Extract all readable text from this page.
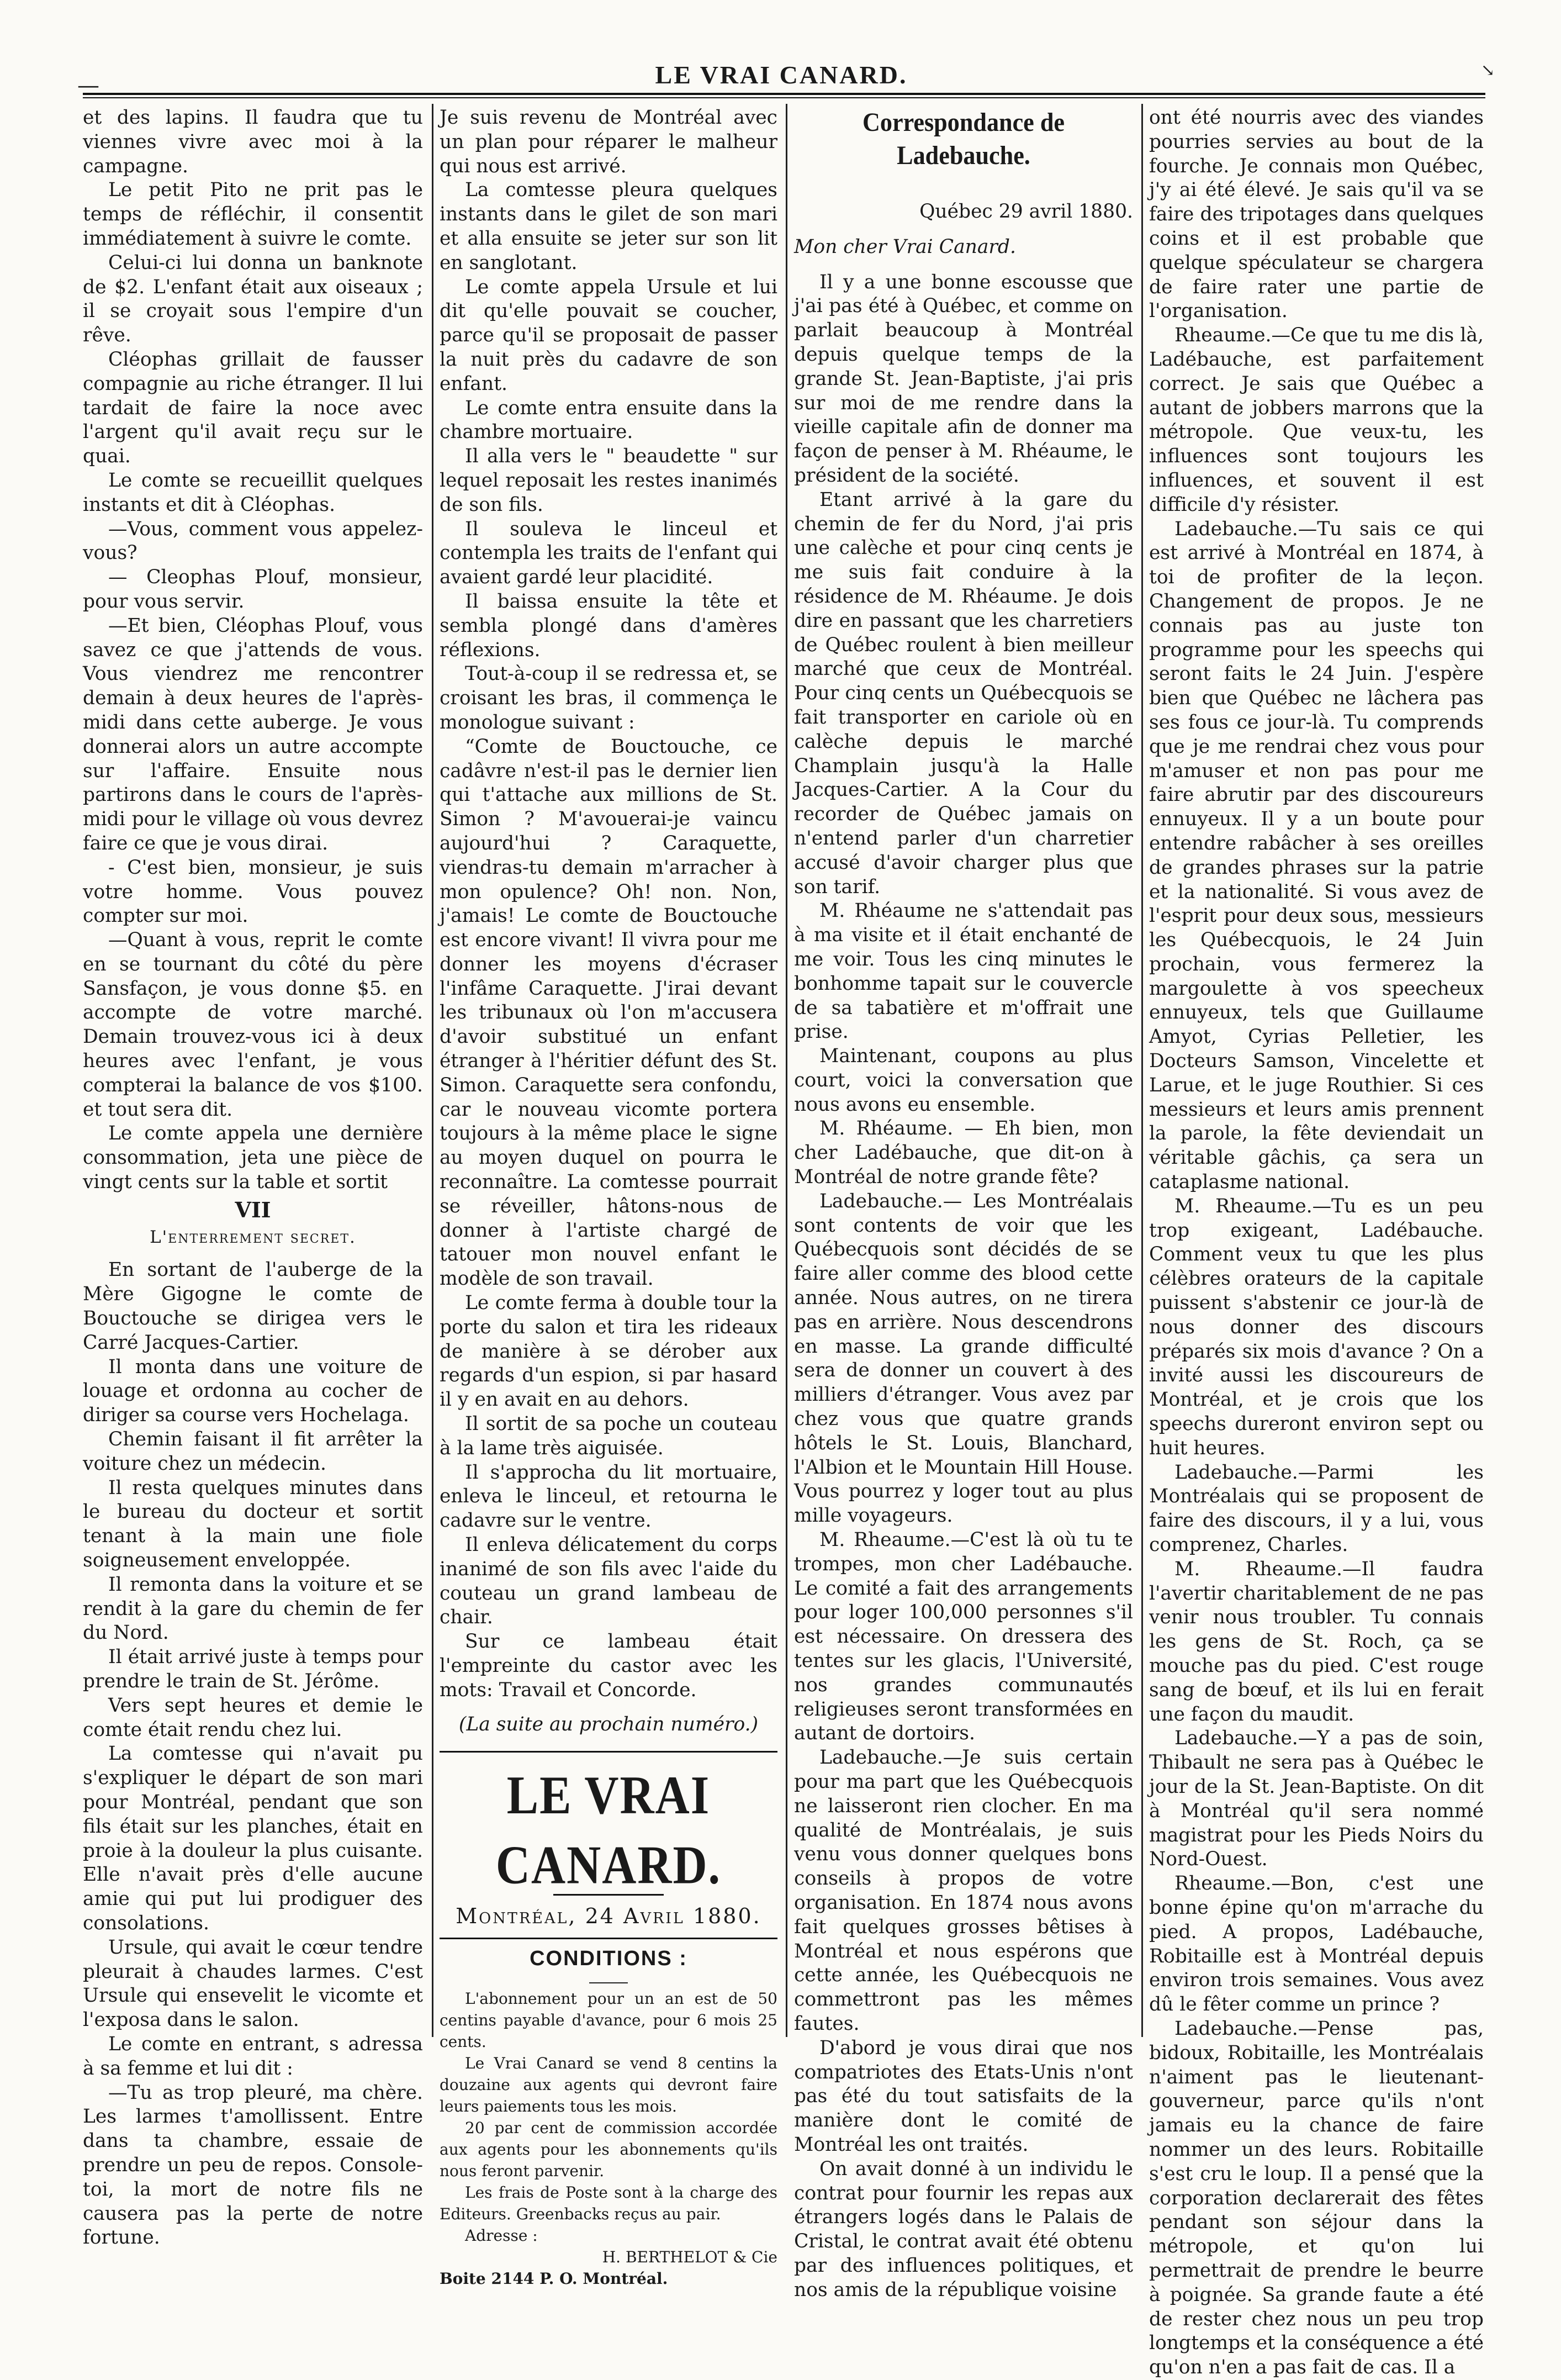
—	LE VRAI CANARD.	↘

et des lapins. Il faudra que tu viennes vivre avec moi à la campagne.

Le petit Pito ne prit pas le temps de réfléchir, il consentit immédiatement à suivre le comte.

Celui-ci lui donna un banknote de $2. L'enfant était aux oiseaux ; il se croyait sous l'empire d'un rêve.

Cléophas grillait de fausser compagnie au riche étranger. Il lui tardait de faire la noce avec l'argent qu'il avait reçu sur le quai.

Le comte se recueillit quelques instants et dit à Cléophas.

—Vous, comment vous appelez-vous?

— Cleophas Plouf, monsieur, pour vous servir.

—Et bien, Cléophas Plouf, vous savez ce que j'attends de vous. Vous viendrez me rencontrer demain à deux heures de l'après-midi dans cette auberge. Je vous donnerai alors un autre accompte sur l'affaire. Ensuite nous partirons dans le cours de l'après-midi pour le village où vous devrez faire ce que je vous dirai.

- C'est bien, monsieur, je suis votre homme. Vous pouvez compter sur moi.

—Quant à vous, reprit le comte en se tournant du côté du père Sansfaçon, je vous donne $5. en accompte de votre marché. Demain trouvez-vous ici à deux heures avec l'enfant, je vous compterai la balance de vos $100. et tout sera dit.

Le comte appela une dernière consommation, jeta une pièce de vingt cents sur la table et sortit

VII

L'enterrement secret.

En sortant de l'auberge de la Mère Gigogne le comte de Bouctouche se dirigea vers le Carré Jacques-Cartier.

Il monta dans une voiture de louage et ordonna au cocher de diriger sa course vers Hochelaga.

Chemin faisant il fit arrêter la voiture chez un médecin.

Il resta quelques minutes dans le bureau du docteur et sortit tenant à la main une fiole soigneusement enveloppée.

Il remonta dans la voiture et se rendit à la gare du chemin de fer du Nord.

Il était arrivé juste à temps pour prendre le train de St. Jérôme.

Vers sept heures et demie le comte était rendu chez lui.

La comtesse qui n'avait pu s'expliquer le départ de son mari pour Montréal, pendant que son fils était sur les planches, était en proie à la douleur la plus cuisante. Elle n'avait près d'elle aucune amie qui put lui prodiguer des consolations.

Ursule, qui avait le cœur tendre pleurait à chaudes larmes. C'est Ursule qui ensevelit le vicomte et l'exposa dans le salon.

Le comte en entrant, s adressa à sa femme et lui dit :

—Tu as trop pleuré, ma chère. Les larmes t'amollissent. Entre dans ta chambre, essaie de prendre un peu de repos. Console-toi, la mort de notre fils ne causera pas la perte de notre fortune.

Je suis revenu de Montréal avec un plan pour réparer le malheur qui nous est arrivé.

La comtesse pleura quelques instants dans le gilet de son mari et alla ensuite se jeter sur son lit en sanglotant.

Le comte appela Ursule et lui dit qu'elle pouvait se coucher, parce qu'il se proposait de passer la nuit près du cadavre de son enfant.

Le comte entra ensuite dans la chambre mortuaire.

Il alla vers le " beaudette " sur lequel reposait les restes inanimés de son fils.

Il souleva le linceul et contempla les traits de l'enfant qui avaient gardé leur placidité.

Il baissa ensuite la tête et sembla plongé dans d'amères réflexions.

Tout-à-coup il se redressa et, se croisant les bras, il commença le monologue suivant :

“Comte de Bouctouche, ce cadâvre n'est-il pas le dernier lien qui t'attache aux millions de St. Simon ? M'avouerai-je vaincu aujourd'hui ? Caraquette, viendras-tu demain m'arracher à mon opulence? Oh! non. Non, j'amais! Le comte de Bouctouche est encore vivant! Il vivra pour me donner les moyens d'écraser l'infâme Caraquette. J'irai devant les tribunaux où l'on m'accusera d'avoir substitué un enfant étranger à l'héritier défunt des St. Simon. Caraquette sera confondu, car le nouveau vicomte portera toujours à la même place le signe au moyen duquel on pourra le reconnaître. La comtesse pourrait se réveiller, hâtons-nous de donner à l'artiste chargé de tatouer mon nouvel enfant le modèle de son travail.

Le comte ferma à double tour la porte du salon et tira les rideaux de manière à se dérober aux regards d'un espion, si par hasard il y en avait en au dehors.

Il sortit de sa poche un couteau à la lame très aiguisée.

Il s'approcha du lit mortuaire, enleva le linceul, et retourna le cadavre sur le ventre.

Il enleva délicatement du corps inanimé de son fils avec l'aide du couteau un grand lambeau de chair.

Sur ce lambeau était l'empreinte du castor avec les mots: Travail et Concorde.

(La suite au prochain numéro.)

LE VRAI CANARD.

Montréal, 24 Avril 1880.

CONDITIONS :

L'abonnement pour un an est de 50 centins payable d'avance, pour 6 mois 25 cents.

Le Vrai Canard se vend 8 centins la douzaine aux agents qui devront faire leurs paiements tous les mois.

20 par cent de commission accordée aux agents pour les abonnements qu'ils nous feront parvenir.

Les frais de Poste sont à la charge des Editeurs. Greenbacks reçus au pair.

Adresse :

H. BERTHELOT & Cie

Boite 2144 P. O. Montréal.

Correspondance de Ladebauche.

Québec 29 avril 1880.

Mon cher Vrai Canard.

Il y a une bonne escousse que j'ai pas été à Québec, et comme on parlait beaucoup à Montréal depuis quelque temps de la grande St. Jean-Baptiste, j'ai pris sur moi de me rendre dans la vieille capitale afin de donner ma façon de penser à M. Rhéaume, le président de la société.

Etant arrivé à la gare du chemin de fer du Nord, j'ai pris une calèche et pour cinq cents je me suis fait conduire à la résidence de M. Rhéaume. Je dois dire en passant que les charretiers de Québec roulent à bien meilleur marché que ceux de Montréal. Pour cinq cents un Québecquois se fait transporter en cariole où en calèche depuis le marché Champlain jusqu'à la Halle Jacques-Cartier. A la Cour du recorder de Québec jamais on n'entend parler d'un charretier accusé d'avoir charger plus que son tarif.

M. Rhéaume ne s'attendait pas à ma visite et il était enchanté de me voir. Tous les cinq minutes le bonhomme tapait sur le couvercle de sa tabatière et m'offrait une prise.

Maintenant, coupons au plus court, voici la conversation que nous avons eu ensemble.

M. Rhéaume. — Eh bien, mon cher Ladébauche, que dit-on à Montréal de notre grande fête?

Ladebauche.— Les Montréalais sont contents de voir que les Québecquois sont décidés de se faire aller comme des blood cette année. Nous autres, on ne tirera pas en arrière. Nous descendrons en masse. La grande difficulté sera de donner un couvert à des milliers d'étranger. Vous avez par chez vous que quatre grands hôtels le St. Louis, Blanchard, l'Albion et le Mountain Hill House. Vous pourrez y loger tout au plus mille voyageurs.

M. Rheaume.—C'est là où tu te trompes, mon cher Ladébauche. Le comité a fait des arrangements pour loger 100,000 personnes s'il est nécessaire. On dressera des tentes sur les glacis, l'Université, nos grandes communautés religieuses seront transformées en autant de dortoirs.

Ladebauche.—Je suis certain pour ma part que les Québecquois ne laisseront rien clocher. En ma qualité de Montréalais, je suis venu vous donner quelques bons conseils à propos de votre organisation. En 1874 nous avons fait quelques grosses bêtises à Montréal et nous espérons que cette année, les Québecquois ne commettront pas les mêmes fautes.

D'abord je vous dirai que nos compatriotes des Etats-Unis n'ont pas été du tout satisfaits de la manière dont le comité de Montréal les ont traités.

On avait donné à un individu le contrat pour fournir les repas aux étrangers logés dans le Palais de Cristal, le contrat avait été obtenu par des influences politiques, et nos amis de la république voisine

ont été nourris avec des viandes pourries servies au bout de la fourche. Je connais mon Québec, j'y ai été élevé. Je sais qu'il va se faire des tripotages dans quelques coins et il est probable que quelque spéculateur se chargera de faire rater une partie de l'organisation.

Rheaume.—Ce que tu me dis là, Ladébauche, est parfaitement correct. Je sais que Québec a autant de jobbers marrons que la métropole. Que veux-tu, les influences sont toujours les influences, et souvent il est difficile d'y résister.

Ladebauche.—Tu sais ce qui est arrivé à Montréal en 1874, à toi de profiter de la leçon. Changement de propos. Je ne connais pas au juste ton programme pour les speechs qui seront faits le 24 Juin. J'espère bien que Québec ne lâchera pas ses fous ce jour-là. Tu comprends que je me rendrai chez vous pour m'amuser et non pas pour me faire abrutir par des discoureurs ennuyeux. Il y a un boute pour entendre rabâcher à ses oreilles de grandes phrases sur la patrie et la nationalité. Si vous avez de l'esprit pour deux sous, messieurs les Québecquois, le 24 Juin prochain, vous fermerez la margoulette à vos speecheux ennuyeux, tels que Guillaume Amyot, Cyrias Pelletier, les Docteurs Samson, Vincelette et Larue, et le juge Routhier. Si ces messieurs et leurs amis prennent la parole, la fête deviendait un véritable gâchis, ça sera un cataplasme national.

M. Rheaume.—Tu es un peu trop exigeant, Ladébauche. Comment veux tu que les plus célèbres orateurs de la capitale puissent s'abstenir ce jour-là de nous donner des discours préparés six mois d'avance ? On a invité aussi les discoureurs de Montréal, et je crois que los speechs dureront environ sept ou huit heures.

Ladebauche.—Parmi les Montréalais qui se proposent de faire des discours, il y a lui, vous comprenez, Charles.

M. Rheaume.—Il faudra l'avertir charitablement de ne pas venir nous troubler. Tu connais les gens de St. Roch, ça se mouche pas du pied. C'est rouge sang de bœuf, et ils lui en ferait une façon du maudit.

Ladebauche.—Y a pas de soin, Thibault ne sera pas à Québec le jour de la St. Jean-Baptiste. On dit à Montréal qu'il sera nommé magistrat pour les Pieds Noirs du Nord-Ouest.

Rheaume.—Bon, c'est une bonne épine qu'on m'arrache du pied. A propos, Ladébauche, Robitaille est à Montréal depuis environ trois semaines. Vous avez dû le fêter comme un prince ?

Ladebauche.—Pense pas, bidoux, Robitaille, les Montréalais n'aiment pas le lieutenant-gouverneur, parce qu'ils n'ont jamais eu la chance de faire nommer un des leurs. Robitaille s'est cru le loup. Il a pensé que la corporation declarerait des fêtes pendant son séjour dans la métropole, et qu'on lui permettrait de prendre le beurre à poignée. Sa grande faute a été de rester chez nous un peu trop longtemps et la conséquence a été qu'on n'en a pas fait de cas. Il a
